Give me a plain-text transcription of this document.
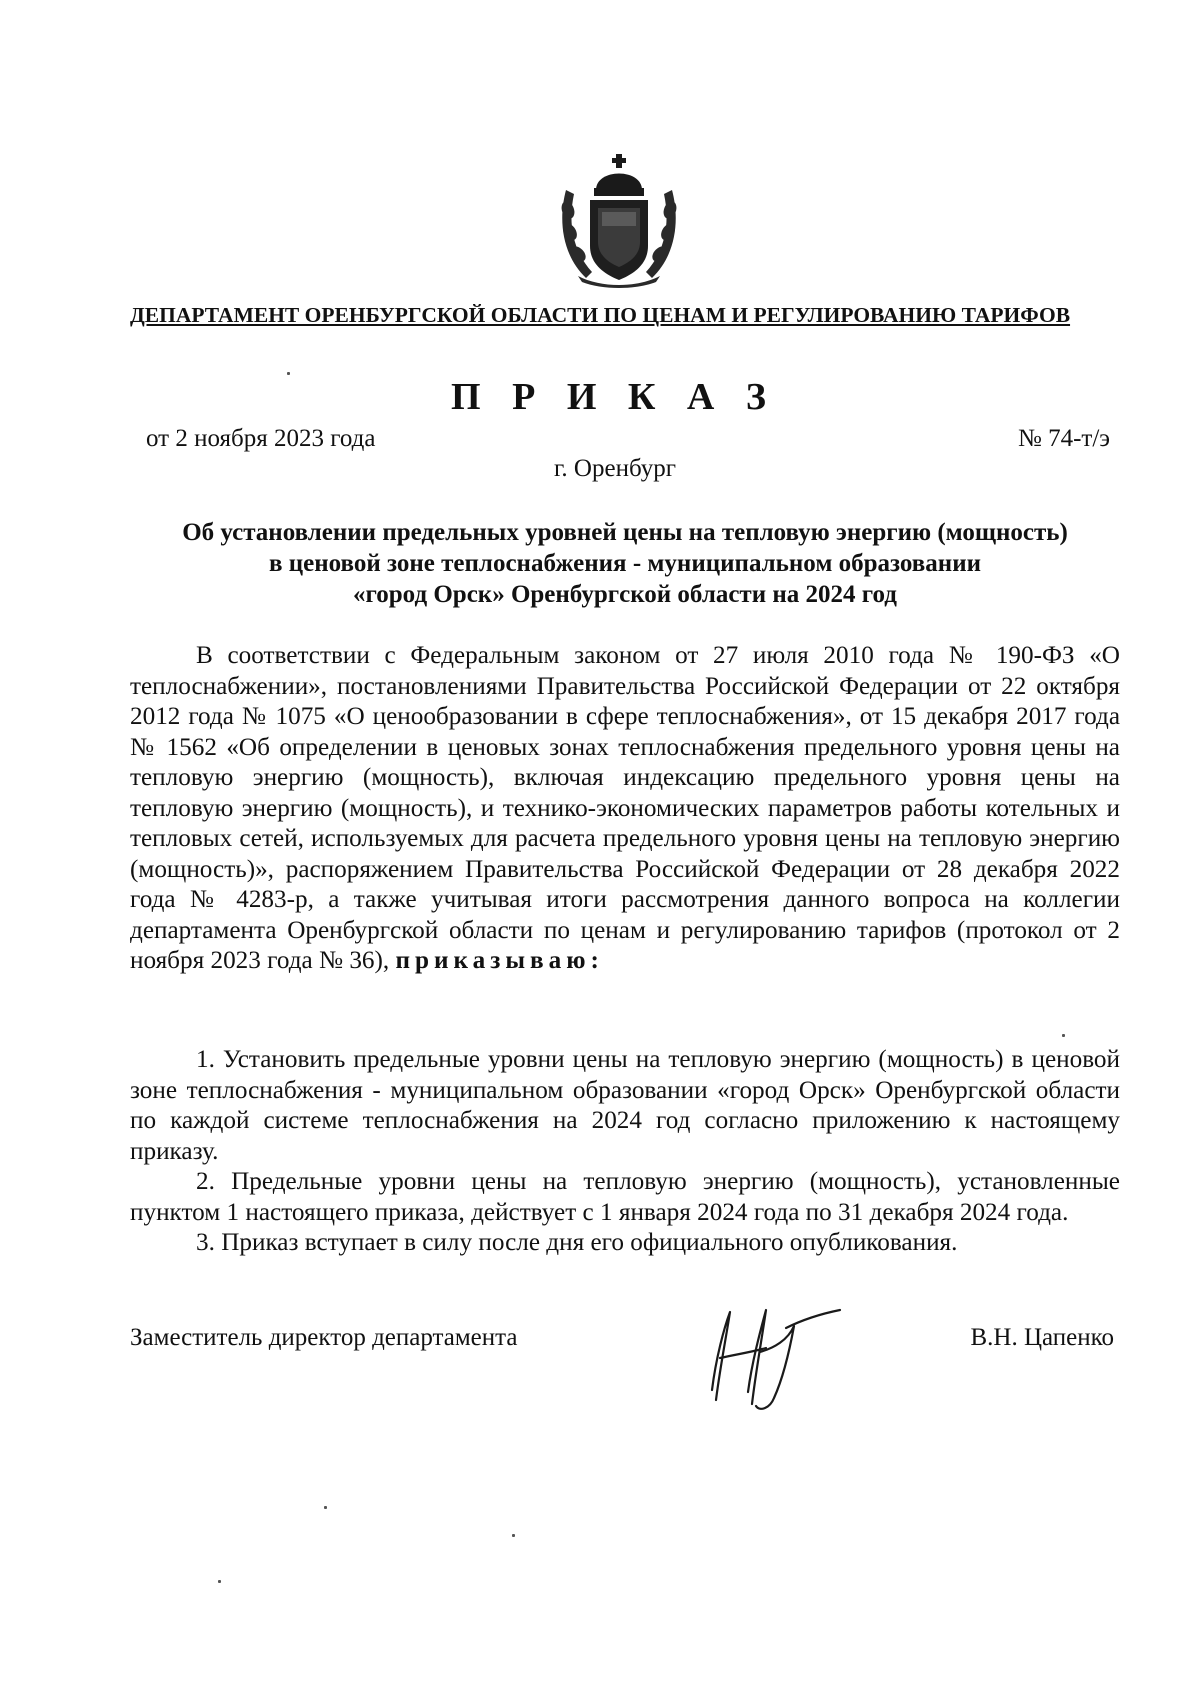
ДЕПАРТАМЕНТ ОРЕНБУРГСКОЙ ОБЛАСТИ ПО ЦЕНАМ И РЕГУЛИРОВАНИЮ ТАРИФОВ
П Р И К А З
от 2 ноября 2023 года	№ 74-т/э
г. Оренбург
Об установлении предельных уровней цены на тепловую энергию (мощность)
в ценовой зоне теплоснабжения - муниципальном образовании
«город Орск» Оренбургской области на 2024 год

В соответствии с Федеральным законом от 27 июля 2010 года № 190-ФЗ «О теплоснабжении», постановлениями Правительства Российской Федерации от 22 октября 2012 года № 1075 «О ценообразовании в сфере теплоснабжения», от 15 декабря 2017 года № 1562 «Об определении в ценовых зонах теплоснабжения предельного уровня цены на тепловую энергию (мощность), включая индексацию предельного уровня цены на тепловую энергию (мощность), и технико-экономических параметров работы котельных и тепловых сетей, используемых для расчета предельного уровня цены на тепловую энергию (мощность)», распоряжением Правительства Российской Федерации от 28 декабря 2022 года № 4283-р, а также учитывая итоги рассмотрения данного вопроса на коллегии департамента Оренбургской области по ценам и регулированию тарифов (протокол от 2 ноября 2023 года № 36), приказываю:

1. Установить предельные уровни цены на тепловую энергию (мощность) в ценовой зоне теплоснабжения - муниципальном образовании «город Орск» Оренбургской области по каждой системе теплоснабжения на 2024 год согласно приложению к настоящему приказу.

2. Предельные уровни цены на тепловую энергию (мощность), установленные пунктом 1 настоящего приказа, действует с 1 января 2024 года по 31 декабря 2024 года.

3. Приказ вступает в силу после дня его официального опубликования.

Заместитель директор департамента	В.Н. Цапенко
